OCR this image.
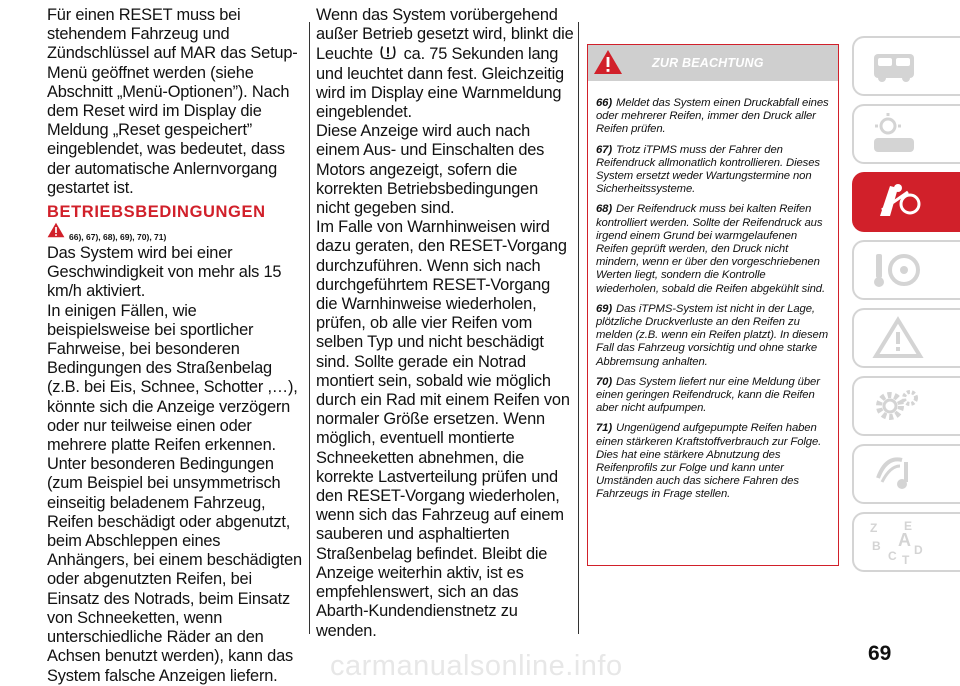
Für einen RESET muss bei stehendem Fahrzeug und Zündschlüssel auf MAR das Setup-Menü geöffnet werden (siehe Abschnitt „Menü-Optionen”). Nach dem Reset wird im Display die Meldung „Reset gespeichert” eingeblendet, was bedeutet, dass der automatische Anlernvorgang gestartet ist.

BETRIEBSBEDINGUNGEN
66), 67), 68), 69), 70), 71)

Das System wird bei einer Geschwindigkeit von mehr als 15 km/h aktiviert.

In einigen Fällen, wie beispielsweise bei sportlicher Fahrweise, bei besonderen Bedingungen des Straßenbelag (z.B. bei Eis, Schnee, Schotter ,…), könnte sich die Anzeige verzögern oder nur teilweise einen oder mehrere platte Reifen erkennen.

Unter besonderen Bedingungen (zum Beispiel bei unsymmetrisch einseitig beladenem Fahrzeug, Reifen beschädigt oder abgenutzt, beim Abschleppen eines Anhängers, bei einem beschädigten oder abgenutzten Reifen, bei Einsatz des Notrads, beim Einsatz von Schneeketten, wenn unterschiedliche Räder an den Achsen benutzt werden), kann das System falsche Anzeigen liefern.

Wenn das System vorübergehend außer Betrieb gesetzt wird, blinkt die Leuchte ca. 75 Sekunden lang und leuchtet dann fest. Gleichzeitig wird im Display eine Warnmeldung eingeblendet.

Diese Anzeige wird auch nach einem Aus- und Einschalten des Motors angezeigt, sofern die korrekten Betriebsbedingungen nicht gegeben sind.

Im Falle von Warnhinweisen wird dazu geraten, den RESET-Vorgang durchzuführen. Wenn sich nach durchgeführtem RESET-Vorgang die Warnhinweise wiederholen, prüfen, ob alle vier Reifen vom selben Typ und nicht beschädigt sind. Sollte gerade ein Notrad montiert sein, sobald wie möglich durch ein Rad mit einem Reifen von normaler Größe ersetzen. Wenn möglich, eventuell montierte Schneeketten abnehmen, die korrekte Lastverteilung prüfen und den RESET-Vorgang wiederholen, wenn sich das Fahrzeug auf einem sauberen und asphaltierten Straßenbelag befindet. Bleibt die Anzeige weiterhin aktiv, ist es empfehlenswert, sich an das Abarth-Kundendienstnetz zu wenden.

ZUR BEACHTUNG

66) Meldet das System einen Druckabfall eines oder mehrerer Reifen, immer den Druck aller Reifen prüfen.

67) Trotz iTPMS muss der Fahrer den Reifendruck allmonatlich kontrollieren. Dieses System ersetzt weder Wartungstermine non Sicherheitssysteme.

68) Der Reifendruck muss bei kalten Reifen kontrolliert werden. Sollte der Reifendruck aus irgend einem Grund bei warmgelaufenen Reifen geprüft werden, den Druck nicht mindern, wenn er über den vorgeschriebenen Werten liegt, sondern die Kontrolle wiederholen, sobald die Reifen abgekühlt sind.

69) Das iTPMS-System ist nicht in der Lage, plötzliche Druckverluste an den Reifen zu melden (z.B. wenn ein Reifen platzt). In diesem Fall das Fahrzeug vorsichtig und ohne starke Abbremsung anhalten.

70) Das System liefert nur eine Meldung über einen geringen Reifendruck, kann die Reifen aber nicht aufpumpen.

71) Ungenügend aufgepumpte Reifen haben einen stärkeren Kraftstoffverbrauch zur Folge. Dies hat eine stärkere Abnutzung des Reifenprofils zur Folge und kann unter Umständen auch das sichere Fahren des Fahrzeugs in Frage stellen.

Z E
B A
C D
T
69
carmanualsonline.info
